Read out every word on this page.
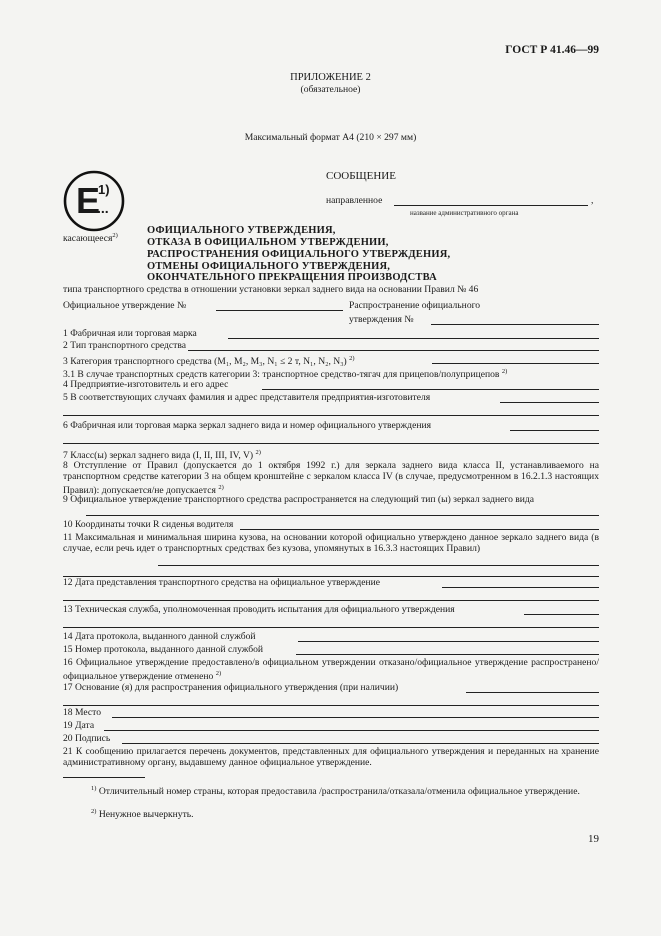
ГОСТ Р 41.46—99
ПРИЛОЖЕНИЕ 2
(обязательное)
Максимальный формат А4 (210 × 297 мм)
E
1)
...
СООБЩЕНИЕ
направленное	,
название административного органа
касающееся$^{2)}$	ОФИЦИАЛЬНОГО УТВЕРЖДЕНИЯ,
ОТКАЗА В ОФИЦИАЛЬНОМ УТВЕРЖДЕНИИ,
РАСПРОСТРАНЕНИЯ ОФИЦИАЛЬНОГО УТВЕРЖДЕНИЯ,
ОТМЕНЫ ОФИЦИАЛЬНОГО УТВЕРЖДЕНИЯ,
ОКОНЧАТЕЛЬНОГО ПРЕКРАЩЕНИЯ ПРОИЗВОДСТВА
типа транспортного средства в отношении установки зеркал заднего вида на основании Правил № 46
Официальное утверждение №	Распространение официального
утверждения №
1 Фабричная или торговая марка
2 Тип транспортного средства
3 Категория транспортного средства (M₁, M₂, M₃, N₁ ≤ 2 т, N₁, N₂, N₃) $^{2)}$
3.1 В случае транспортных средств категории 3: транспортное средство-тягач для прицепов/полуприцепов $^{2)}$
4 Предприятие-изготовитель и его адрес
5 В соответствующих случаях фамилия и адрес представителя предприятия-изготовителя
6 Фабричная или торговая марка зеркал заднего вида и номер официального утверждения
7 Класс(ы) зеркал заднего вида (I, II, III, IV, V) $^{2)}$
8 Отступление от Правил (допускается до 1 октября 1992 г.) для зеркала заднего вида класса II, устанавливаемого на транспортном средстве категории 3 на общем кронштейне с зеркалом класса IV (в случае, предусмотренном в 16.2.1.3 настоящих Правил): допускается/не допускается $^{2)}$
9 Официальное утверждение транспортного средства распространяется на следующий тип (ы) зеркал заднего вида
10 Координаты точки R сиденья водителя
11 Максимальная и минимальная ширина кузова, на основании которой официально утверждено данное зеркало заднего вида (в случае, если речь идет о транспортных средствах без кузова, упомянутых в 16.3.3 настоящих Правил)
12 Дата представления транспортного средства на официальное утверждение
13 Техническая служба, уполномоченная проводить испытания для официального утверждения
14 Дата протокола, выданного данной службой
15 Номер протокола, выданного данной службой
16 Официальное утверждение предоставлено/в официальном утверждении отказано/официальное утверждение распространено/официальное утверждение отменено $^{2)}$
17 Основание (я) для распространения официального утверждения (при наличии)
18 Место
19 Дата
20 Подпись
21 К сообщению прилагается перечень документов, представленных для официального утверждения и переданных на хранение административному органу, выдавшему данное официальное утверждение.
$^{1)}$ Отличительный номер страны, которая предоставила /распространила/отказала/отменила официальное утверждение.
$^{2)}$ Ненужное вычеркнуть.
19
